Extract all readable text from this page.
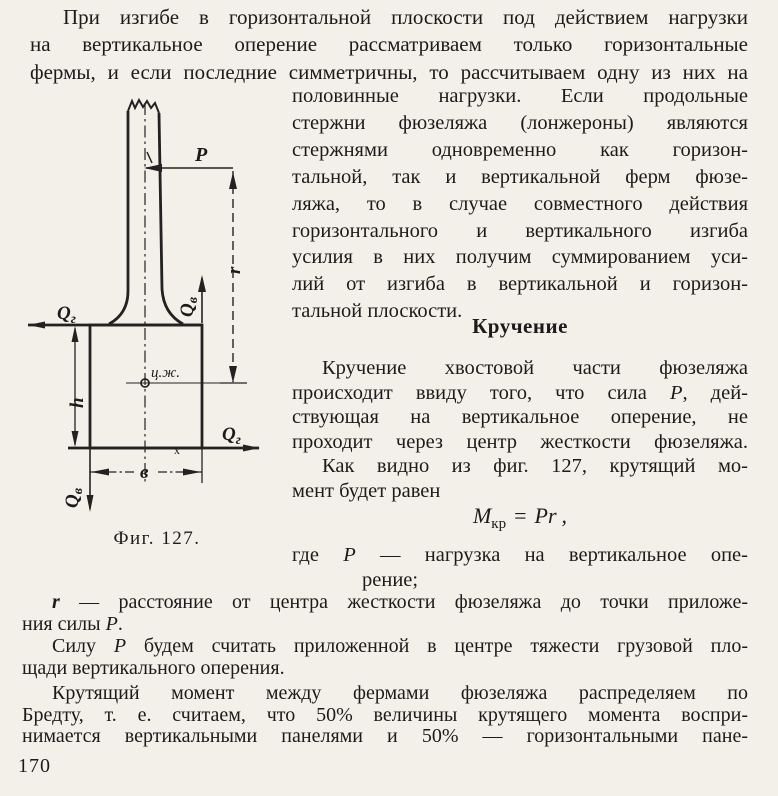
При изгибе в горизонтальной плоскости под действием нагрузки
на вертикальное оперение рассматриваем только горизонтальные
фермы, и если последние симметричны, то рассчитываем одну из них на
половинные нагрузки. Если продольные
стержни фюзеляжа (лонжероны) являются
стержнями одновременно как горизон-
тальной, так и вертикальной ферм фюзе-
ляжа, то в случае совместного действия
горизонтального и вертикального изгиба
усилия в них получим суммированием уси-
лий от изгиба в вертикальной и горизон-
тальной плоскости.
Кручение
Кручение хвостовой части фюзеляжа
происходит ввиду того, что сила Р, дей-
ствующая на вертикальное оперение, не
проходит через центр жесткости фюзеляжа.
Как видно из фиг. 127, крутящий мо-
мент будет равен
$М_{кр} = Pr$ ,
где Р — нагрузка на вертикальное опе-
рение;
r — расстояние от центра жесткости фюзеляжа до точки приложе-
ния силы Р.
Силу Р будем считать приложенной в центре тяжести грузовой пло-
щади вертикального оперения.
Крутящий момент между фермами фюзеляжа распределяем по
Бредту, т. е. считаем, что 50% величины крутящего момента воспри-
нимается вертикальными панелями и 50% — горизонтальными пане-
170
Р
r
$Q_г$
h
$Q_в$
ц.ж.
$Q_г$
х
$Q_в$
в
Фиг. 127.
